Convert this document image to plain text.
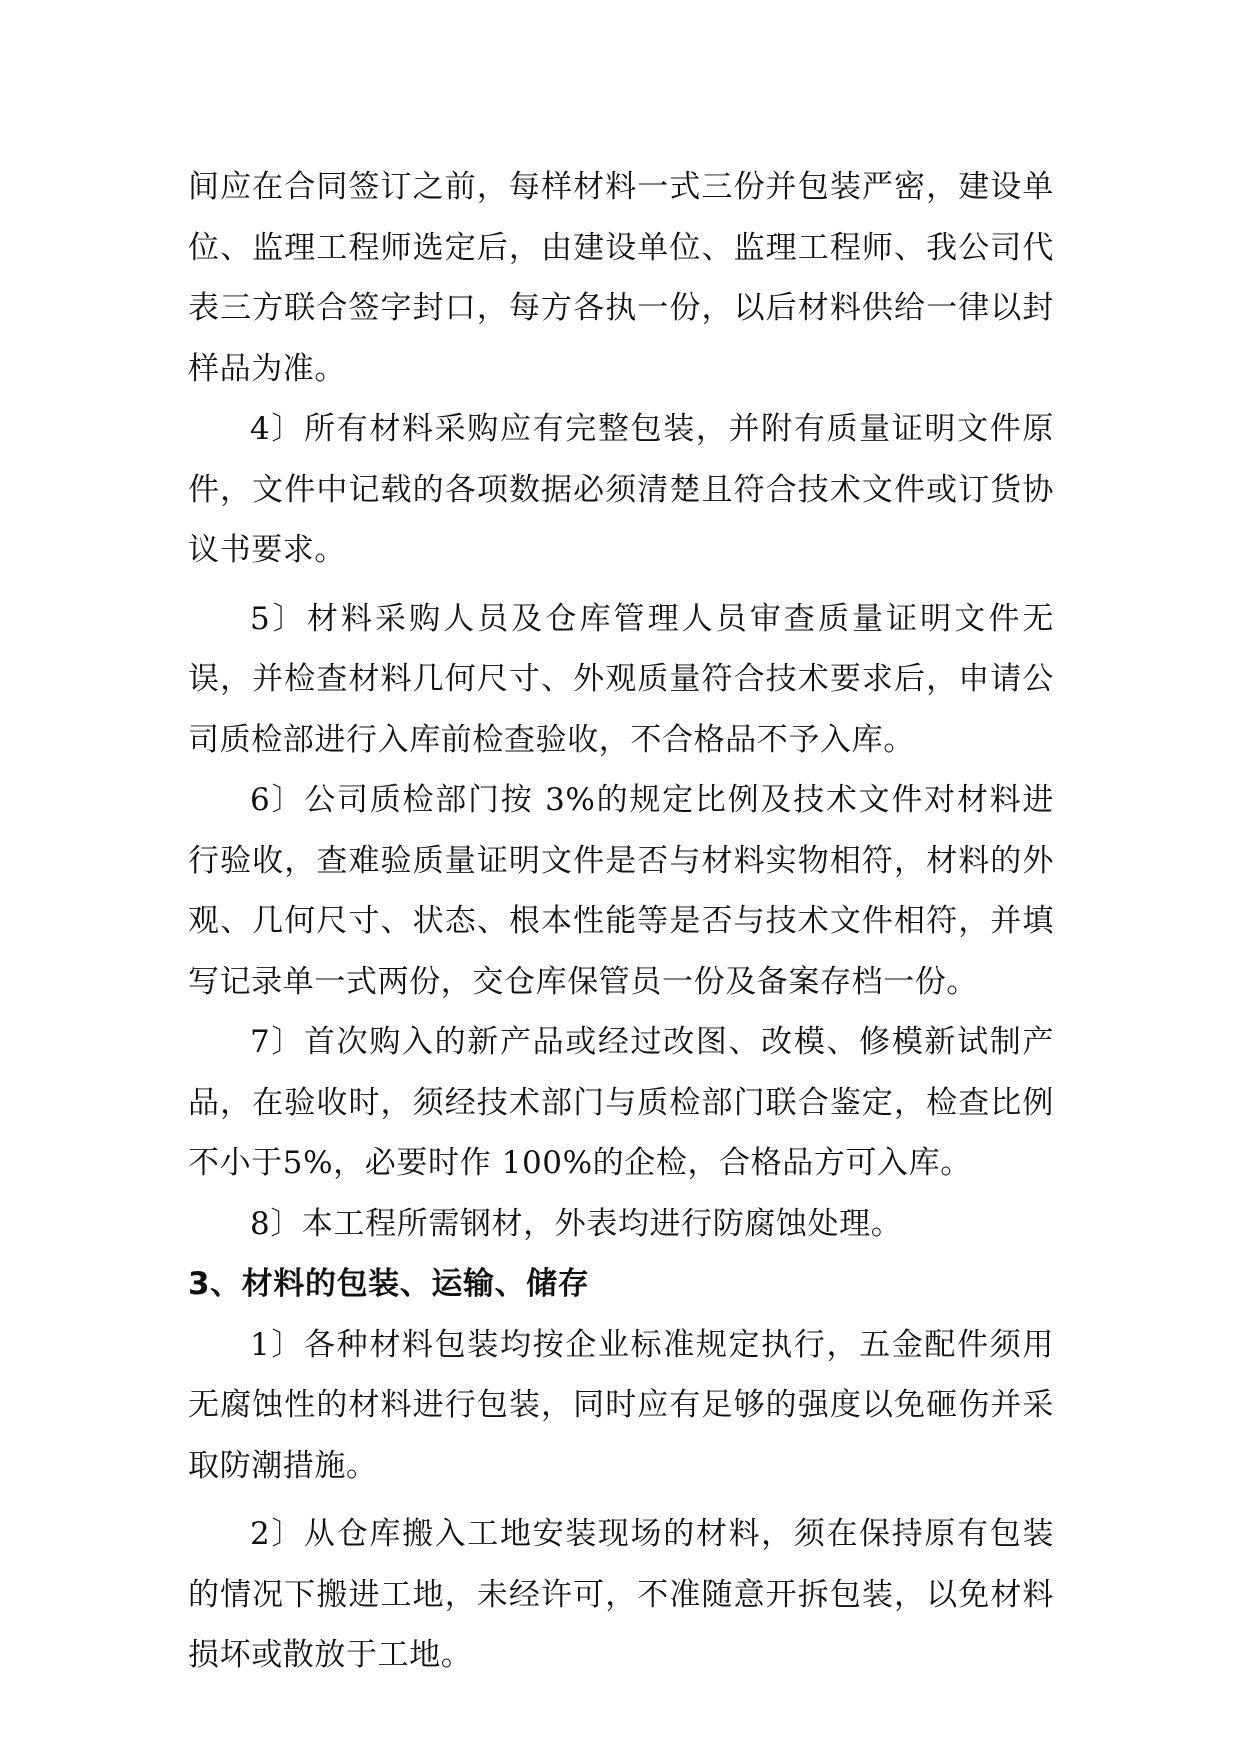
间应在合同签订之前，每样材料一式三份并包装严密，建设单位、监理工程师选定后，由建设单位、监理工程师、我公司代表三方联合签字封口，每方各执一份，以后材料供给一律以封样品为准。

4〕所有材料采购应有完整包装，并附有质量证明文件原件，文件中记载的各项数据必须清楚且符合技术文件或订货协议书要求。

5〕材料采购人员及仓库管理人员审查质量证明文件无误，并检查材料几何尺寸、外观质量符合技术要求后，申请公司质检部进行入库前检查验收，不合格品不予入库。

6〕公司质检部门按 3%的规定比例及技术文件对材料进行验收，查难验质量证明文件是否与材料实物相符，材料的外观、几何尺寸、状态、根本性能等是否与技术文件相符，并填写记录单一式两份，交仓库保管员一份及备案存档一份。

7〕首次购入的新产品或经过改图、改模、修模新试制产品，在验收时，须经技术部门与质检部门联合鉴定，检查比例不小于5%，必要时作 100%的企检，合格品方可入库。

8〕本工程所需钢材，外表均进行防腐蚀处理。

3、材料的包装、运输、储存

1〕各种材料包装均按企业标准规定执行，五金配件须用无腐蚀性的材料进行包装，同时应有足够的强度以免砸伤并采取防潮措施。

2〕从仓库搬入工地安装现场的材料，须在保持原有包装的情况下搬进工地，未经许可，不准随意开拆包装，以免材料损坏或散放于工地。
